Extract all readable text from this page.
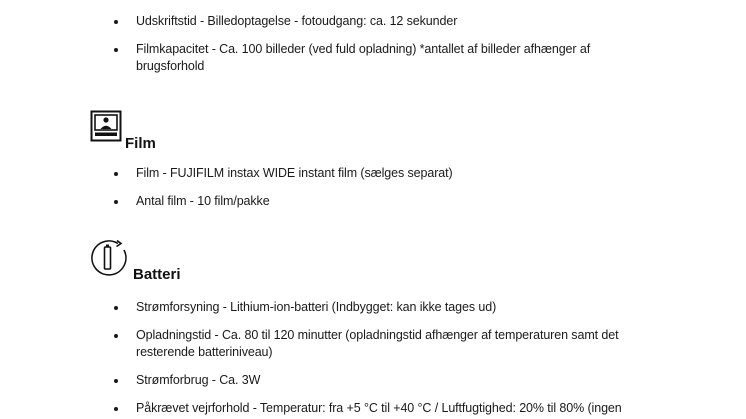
Udskriftstid - Billedoptagelse - fotoudgang: ca. 12 sekunder
Filmkapacitet - Ca. 100 billeder (ved fuld opladning) *antallet af billeder afhænger af brugsforhold
Film
Film - FUJIFILM instax WIDE instant film (sælges separat)
Antal film - 10 film/pakke
Batteri
Strømforsyning - Lithium-ion-batteri (Indbygget: kan ikke tages ud)
Opladningstid - Ca. 80 til 120 minutter (opladningstid afhænger af temperaturen samt det resterende batteriniveau)
Strømforbrug - Ca. 3W
Påkrævet vejrforhold - Temperatur: fra +5 °C til +40 °C / Luftfugtighed: 20% til 80% (ingen
